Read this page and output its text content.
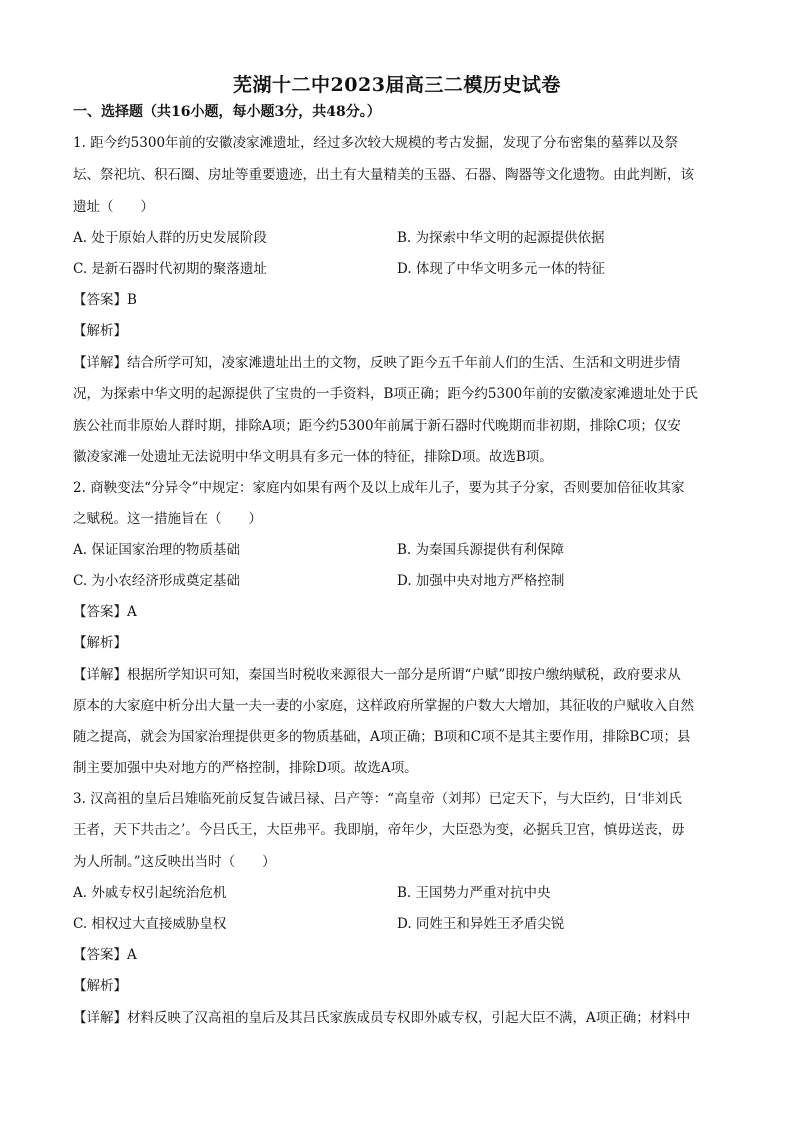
芜湖十二中2023届高三二模历史试卷
一、选择题（共16小题，每小题3分，共48分。）
1. 距今约5300年前的安徽凌家滩遗址，经过多次较大规模的考古发掘，发现了分布密集的墓葬以及祭
坛、祭祀坑、积石圈、房址等重要遗迹，出土有大量精美的玉器、石器、陶器等文化遗物。由此判断，该
遗址（　　）
A. 处于原始人群的历史发展阶段	B. 为探索中华文明的起源提供依据
C. 是新石器时代初期的聚落遗址	D. 体现了中华文明多元一体的特征
【答案】B
【解析】
【详解】结合所学可知，凌家滩遗址出土的文物，反映了距今五千年前人们的生活、生活和文明进步情
况，为探索中华文明的起源提供了宝贵的一手资料，B项正确；距今约5300年前的安徽凌家滩遗址处于氏
族公社而非原始人群时期，排除A项；距今约5300年前属于新石器时代晚期而非初期，排除C项；仅安
徽凌家滩一处遗址无法说明中华文明具有多元一体的特征，排除D项。故选B项。
2. 商鞅变法“分异令”中规定：家庭内如果有两个及以上成年儿子，要为其子分家，否则要加倍征收其家
之赋税。这一措施旨在（　　）
A. 保证国家治理的物质基础	B. 为秦国兵源提供有利保障
C. 为小农经济形成奠定基础	D. 加强中央对地方严格控制
【答案】A
【解析】
【详解】根据所学知识可知，秦国当时税收来源很大一部分是所谓“户赋”即按户缴纳赋税，政府要求从
原本的大家庭中析分出大量一夫一妻的小家庭，这样政府所掌握的户数大大增加，其征收的户赋收入自然
随之提高，就会为国家治理提供更多的物质基础，A项正确；B项和C项不是其主要作用，排除BC项；县
制主要加强中央对地方的严格控制，排除D项。故选A项。
3. 汉高祖的皇后吕雉临死前反复告诫吕禄、吕产等：“高皇帝（刘邦）已定天下，与大臣约，日‘非刘氏
王者，天下共击之’。今吕氏王，大臣弗平。我即崩，帝年少，大臣恐为变，必据兵卫宫，慎毋送丧，毋
为人所制。”这反映出当时（　　）
A. 外戚专权引起统治危机	B. 王国势力严重对抗中央
C. 相权过大直接威胁皇权	D. 同姓王和异姓王矛盾尖锐
【答案】A
【解析】
【详解】材料反映了汉高祖的皇后及其吕氏家族成员专权即外戚专权，引起大臣不满，A项正确；材料中
